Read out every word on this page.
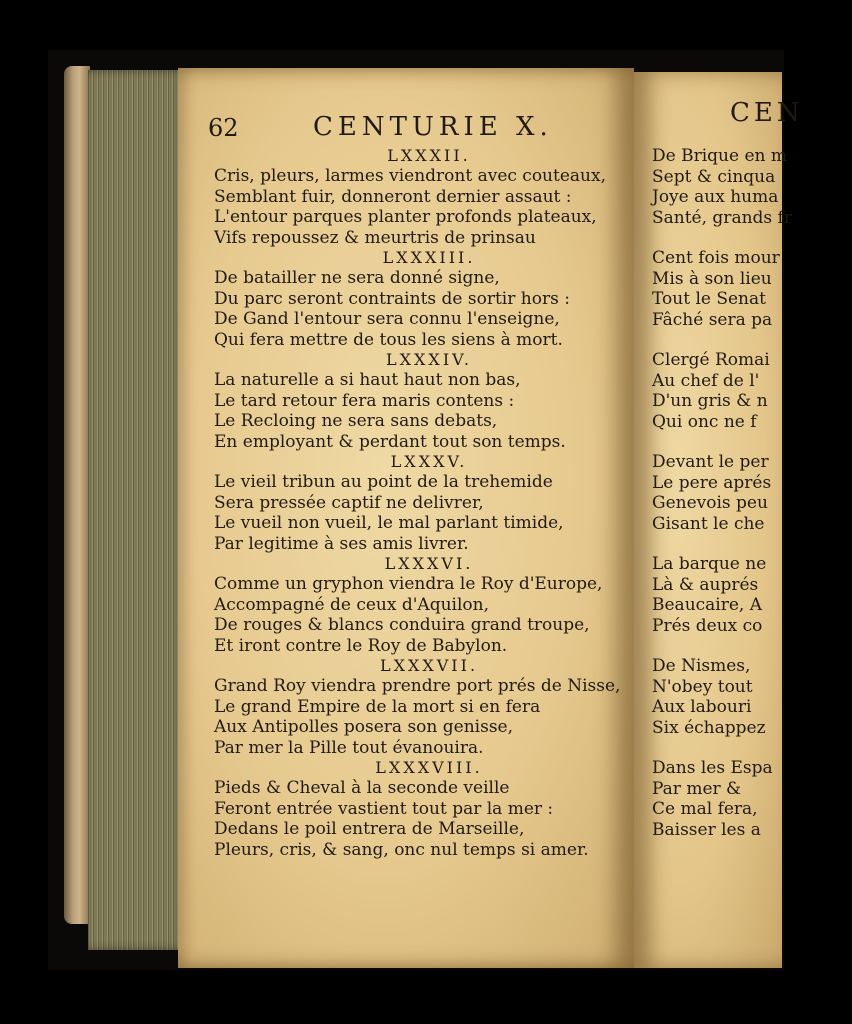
62	CENTURIE X.
LXXXII.
Cris, pleurs, larmes viendront avec couteaux,
Semblant fuir, donneront dernier assaut :
L'entour parques planter profonds plateaux,
Vifs repoussez & meurtris de prinsau
LXXXIII.
De batailler ne sera donné signe,
Du parc seront contraints de sortir hors :
De Gand l'entour sera connu l'enseigne,
Qui fera mettre de tous les siens à mort.
LXXXIV.
La naturelle a si haut haut non bas,
Le tard retour fera maris contens :
Le Recloing ne sera sans debats,
En employant & perdant tout son temps.
LXXXV.
Le vieil tribun au point de la trehemide
Sera pressée captif ne delivrer,
Le vueil non vueil, le mal parlant timide,
Par legitime à ses amis livrer.
LXXXVI.
Comme un gryphon viendra le Roy d'Europe,
Accompagné de ceux d'Aquilon,
De rouges & blancs conduira grand troupe,
Et iront contre le Roy de Babylon.
LXXXVII.
Grand Roy viendra prendre port prés de Nisse,
Le grand Empire de la mort si en fera
Aux Antipolles posera son genisse,
Par mer la Pille tout évanouira.
LXXXVIII.
Pieds & Cheval à la seconde veille
Feront entrée vastient tout par la mer :
Dedans le poil entrera de Marseille,
Pleurs, cris, & sang, onc nul temps si amer.
CEN
De Brique en m
Sept & cinqua
Joye aux huma
Santé, grands fr
Cent fois mour
Mis à son lieu
Tout le Senat
Fâché sera pa
Clergé Romai
Au chef de l'
D'un gris & n
Qui onc ne f
Devant le per
Le pere aprés
Genevois peu
Gisant le che
La barque ne
Là & auprés
Beaucaire, A
Prés deux co
De Nismes,
N'obey tout
Aux labouri
Six échappez
Dans les Espa
Par mer &
Ce mal fera,
Baisser les a
